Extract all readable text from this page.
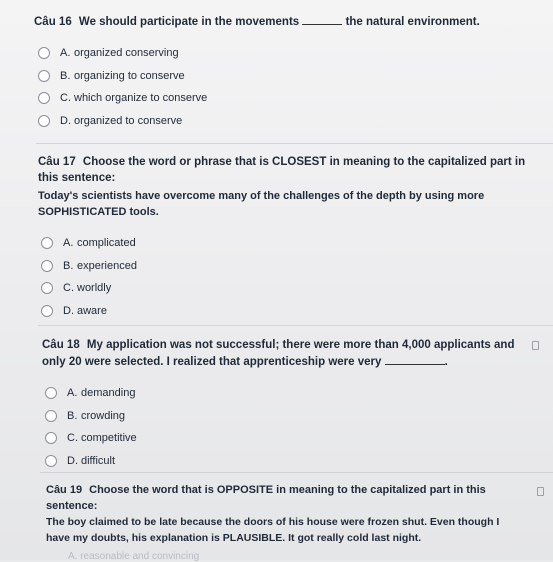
Câu 16 We should participate in the movements	the natural environment.
A. organized conserving
B. organizing to conserve
C. which organize to conserve
D. organized to conserve
Câu 17 Choose the word or phrase that is CLOSEST in meaning to the capitalized part in
this sentence:
Today's scientists have overcome many of the challenges of the depth by using more
SOPHISTICATED tools.
A. complicated
B. experienced
C. worldly
D. aware
Câu 18 My application was not successful; there were more than 4,000 applicants and
only 20 were selected. I realized that apprenticeship were very	.
A. demanding
B. crowding
C. competitive
D. difficult
Câu 19 Choose the word that is OPPOSITE in meaning to the capitalized part in this
sentence:
The boy claimed to be late because the doors of his house were frozen shut. Even though I
have my doubts, his explanation is PLAUSIBLE. It got really cold last night.
A. reasonable and convincing
